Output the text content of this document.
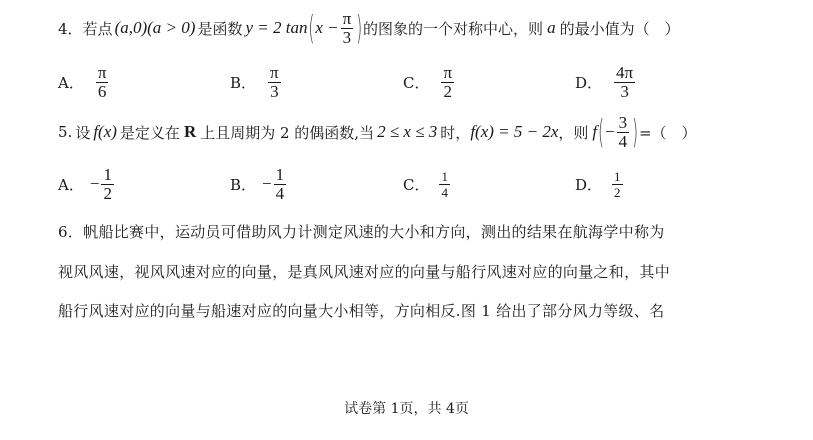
4． 若点 (a,0)(a > 0) 是函数 y = 2 tan ( $x - \frac{\pi}{3}$ ) 的图象的一个对称中心，则 a 的最小值为（　）
A． $\frac{\pi}{6}$	B． $\frac{\pi}{3}$	C． $\frac{\pi}{2}$	D． $\frac{4\pi}{3}$
5. 设 f(x) 是定义在 R 上且周期为 2 的偶函数,当 2 ≤ x ≤ 3 时， f(x) = 5 − 2x ，则 f ( − $\frac{3}{4}$ ) =（　）
A． − $\frac{1}{2}$	B． − $\frac{1}{4}$	C． $\frac{1}{4}$	D． $\frac{1}{2}$
6．帆船比赛中，运动员可借助风力计测定风速的大小和方向，测出的结果在航海学中称为
视风风速，视风风速对应的向量，是真风风速对应的向量与船行风速对应的向量之和，其中
船行风速对应的向量与船速对应的向量大小相等，方向相反.图 1 给出了部分风力等级、名
试卷第 1页，共 4页
